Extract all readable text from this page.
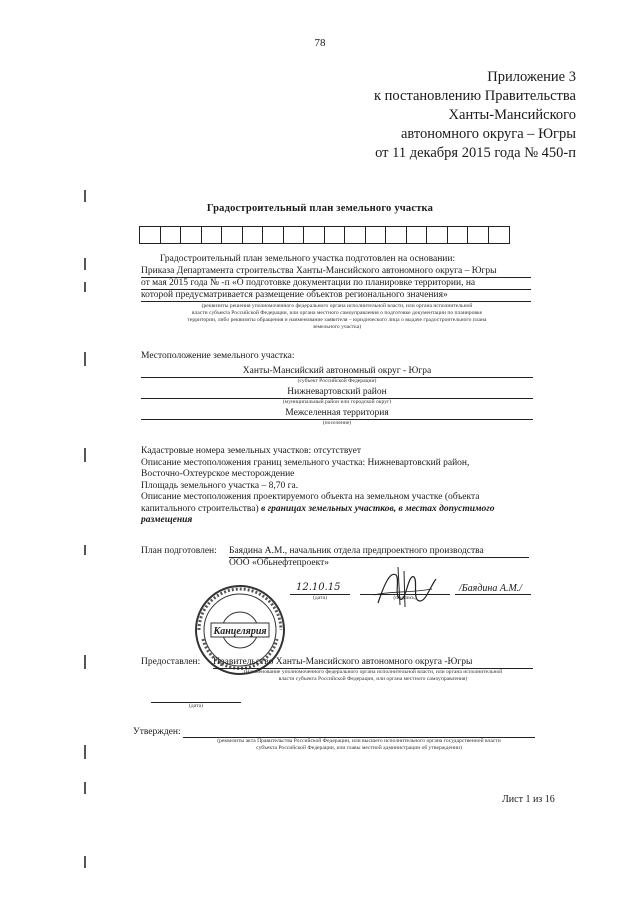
78
Приложение 3
к постановлению Правительства
Ханты-Мансийского
автономного округа – Югры
от 11 декабря 2015 года № 450-п
Градостроительный план земельного участка
Градостроительный план земельного участка подготовлен на основании:
Приказа Департамента строительства Ханты-Мансийского автономного округа – Югры
от мая 2015 года № -п «О подготовке документации по планировке территории, на
которой предусматривается размещение объектов регионального значения»
(реквизиты решения уполномоченного федерального органа исполнительной власти, или органа исполнительной
власти субъекта Российской Федерации, или органа местного самоуправления о подготовке документации по планировке
территории, либо реквизиты обращения и наименование заявителя – юридического лица о выдаче градостроительного плана
земельного участка)
Местоположение земельного участка:
Ханты-Мансийский автономный округ - Югра
(субъект Российской Федерации)
Нижневартовский район
(муниципальный район или городской округ)
Межселенная территория
(поселение)
Кадастровые номера земельных участков: отсутствует
Описание местоположения границ земельного участка: Нижневартовский район,
Восточно-Охтеурское месторождение
Площадь земельного участка – 8,70 га.
Описание местоположения проектируемого объекта на земельном участке (объекта
капитального строительства) в границах земельных участков, в местах допустимого
размещения
План подготовлен: Баядина А.М., начальник отдела предпроектного производства
ООО «Обьнефтепроект»
12.10.15
(дата)	(подпись)
/Баядина А.М./
Канцелярия
Предоставлен: Правительство Ханты-Мансийского автономного округа -Югры
(Наименование уполномоченного федерального органа исполнительной власти, или органа исполнительной
власти субъекта Российской Федерации, или органа местного самоуправления)
(дата)
Утвержден:
(реквизиты акта Правительства Российской Федерации, или высшего исполнительного органа государственной власти
субъекта Российской Федерации, или главы местной администрации об утверждении)
Лист 1 из 16
